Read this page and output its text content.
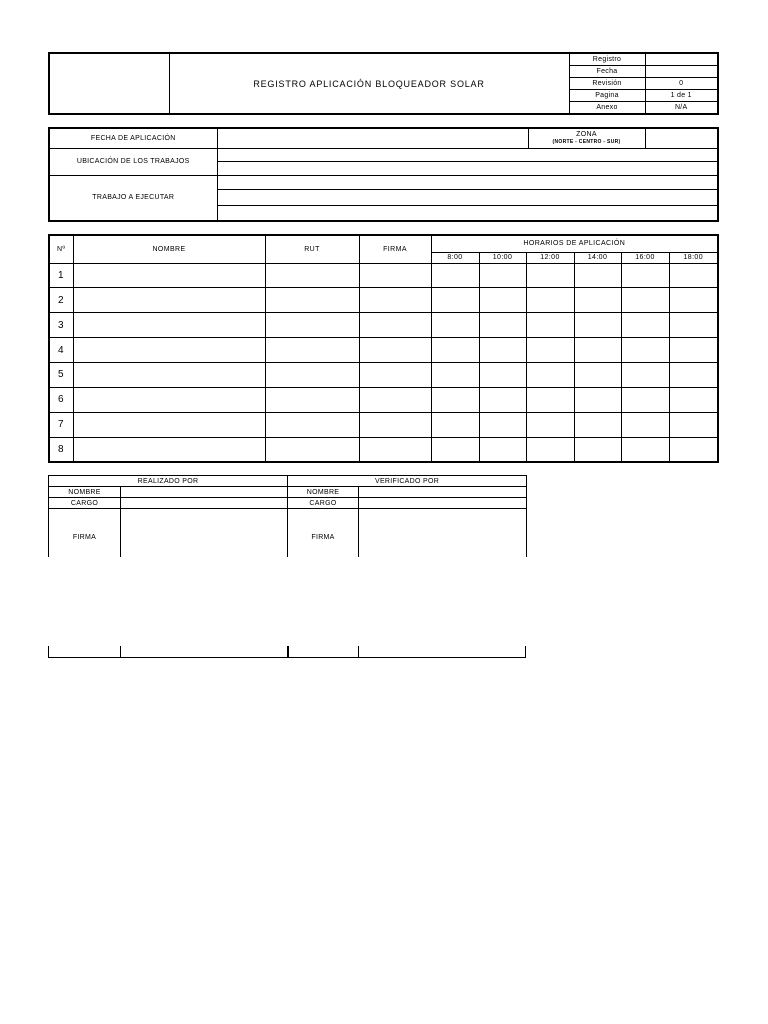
	REGISTRO APLICACIÓN BLOQUEADOR SOLAR	Registro	
		Fecha	
		Revisión	0
		Pagina	1 de 1
		Anexo	N/A
FECHA DE APLICACIÓN		ZONA
(NORTE - CENTRO - SUR)	

UBICACIÓN DE LOS TRABAJOS			

TRABAJO A EJECUTAR			

Nº	NOMBRE	RUT	FIRMA	HORARIOS DE APLICACIÓN					
				8:00	10:00	12:00	14:00	16:00	18:00
1									
2									
3									
4									
5									
6									
7									
8									
REALIZADO POR		VERIFICADO POR	
NOMBRE		NOMBRE	
CARGO		CARGO	
FIRMA		FIRMA	
